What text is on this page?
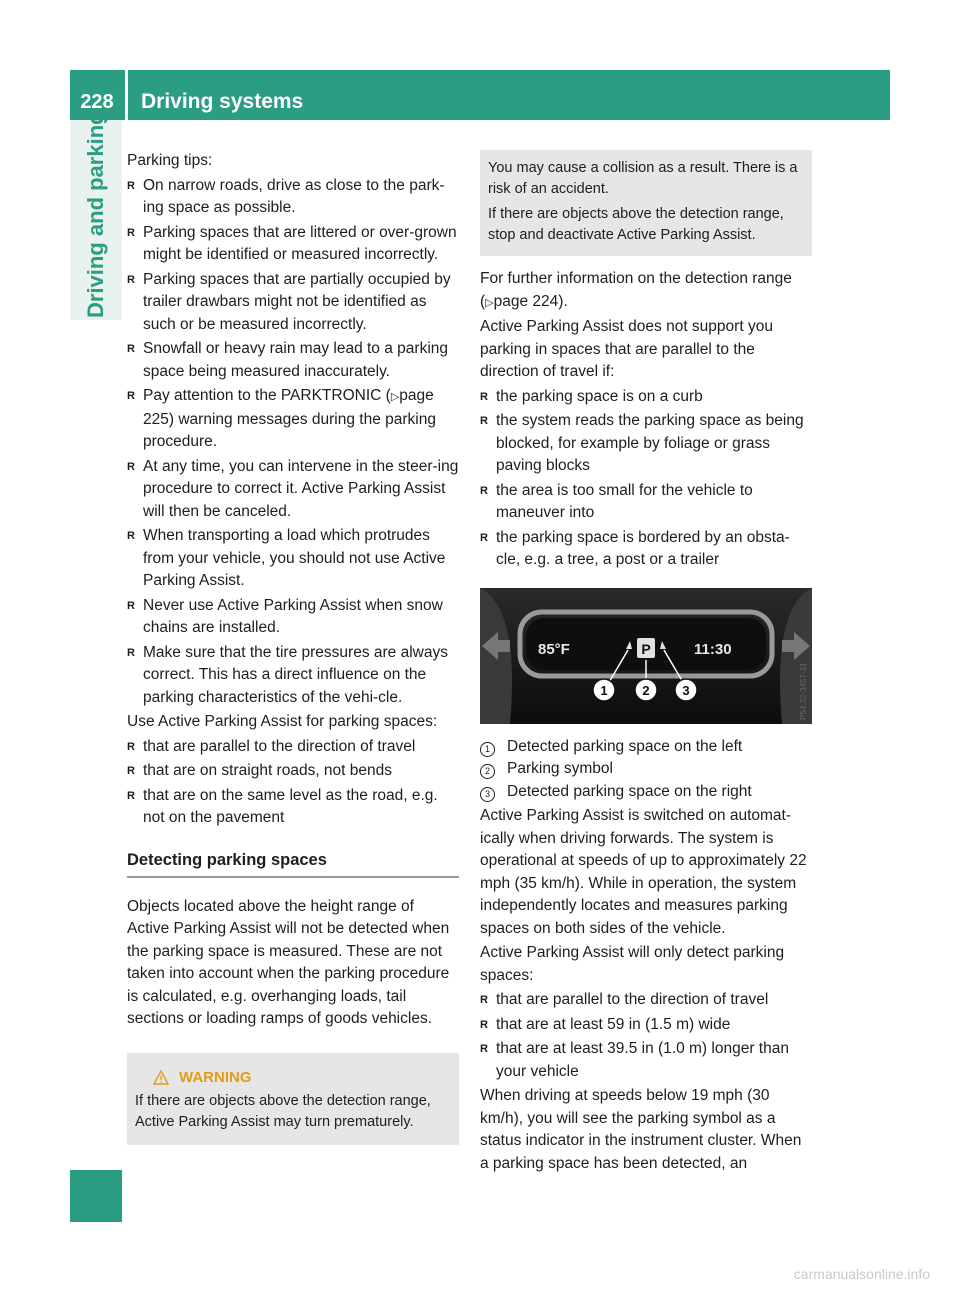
228	Driving systems
Driving and parking	Parking tips:

R On narrow roads, drive as close to the park-ing space as possible.
R Parking spaces that are littered or over-grown might be identified or measured incorrectly.
R Parking spaces that are partially occupied by trailer drawbars might not be identified as such or be measured incorrectly.
R Snowfall or heavy rain may lead to a parking space being measured inaccurately.
R Pay attention to the PARKTRONIC (▷page 225) warning messages during the parking procedure.
R At any time, you can intervene in the steer-ing procedure to correct it. Active Parking Assist will then be canceled.
R When transporting a load which protrudes from your vehicle, you should not use Active Parking Assist.
R Never use Active Parking Assist when snow chains are installed.
R Make sure that the tire pressures are always correct. This has a direct influence on the parking characteristics of the vehi-cle.

Use Active Parking Assist for parking spaces:

R that are parallel to the direction of travel
R that are on straight roads, not bends
R that are on the same level as the road, e.g. not on the pavement
Detecting parking spaces

Objects located above the height range of Active Parking Assist will not be detected when the parking space is measured. These are not taken into account when the parking procedure is calculated, e.g. overhanging loads, tail sections or loading ramps of goods vehicles.

WARNING
If there are objects above the detection range, Active Parking Assist may turn prematurely.
You may cause a collision as a result. There is a risk of an accident.
If there are objects above the detection range, stop and deactivate Active Parking Assist.

For further information on the detection range (▷page 224).

Active Parking Assist does not support you parking in spaces that are parallel to the direction of travel if:

R the parking space is on a curb
R the system reads the parking space as being blocked, for example by foliage or grass paving blocks
R the area is too small for the vehicle to maneuver into
R the parking space is bordered by an obsta-cle, e.g. a tree, a post or a trailer
85°F	P	11:30
1	2	3	P54.32-3457-31
1	Detected parking space on the left
2	Parking symbol
3	Detected parking space on the right

Active Parking Assist is switched on automat-ically when driving forwards. The system is operational at speeds of up to approximately 22 mph (35 km/h). While in operation, the system independently locates and measures parking spaces on both sides of the vehicle.

Active Parking Assist will only detect parking spaces:

R that are parallel to the direction of travel
R that are at least 59 in (1.5 m) wide
R that are at least 39.5 in (1.0 m) longer than your vehicle

When driving at speeds below 19 mph (30 km/h), you will see the parking symbol as a status indicator in the instrument cluster. When a parking space has been detected, an

carmanualsonline.info
